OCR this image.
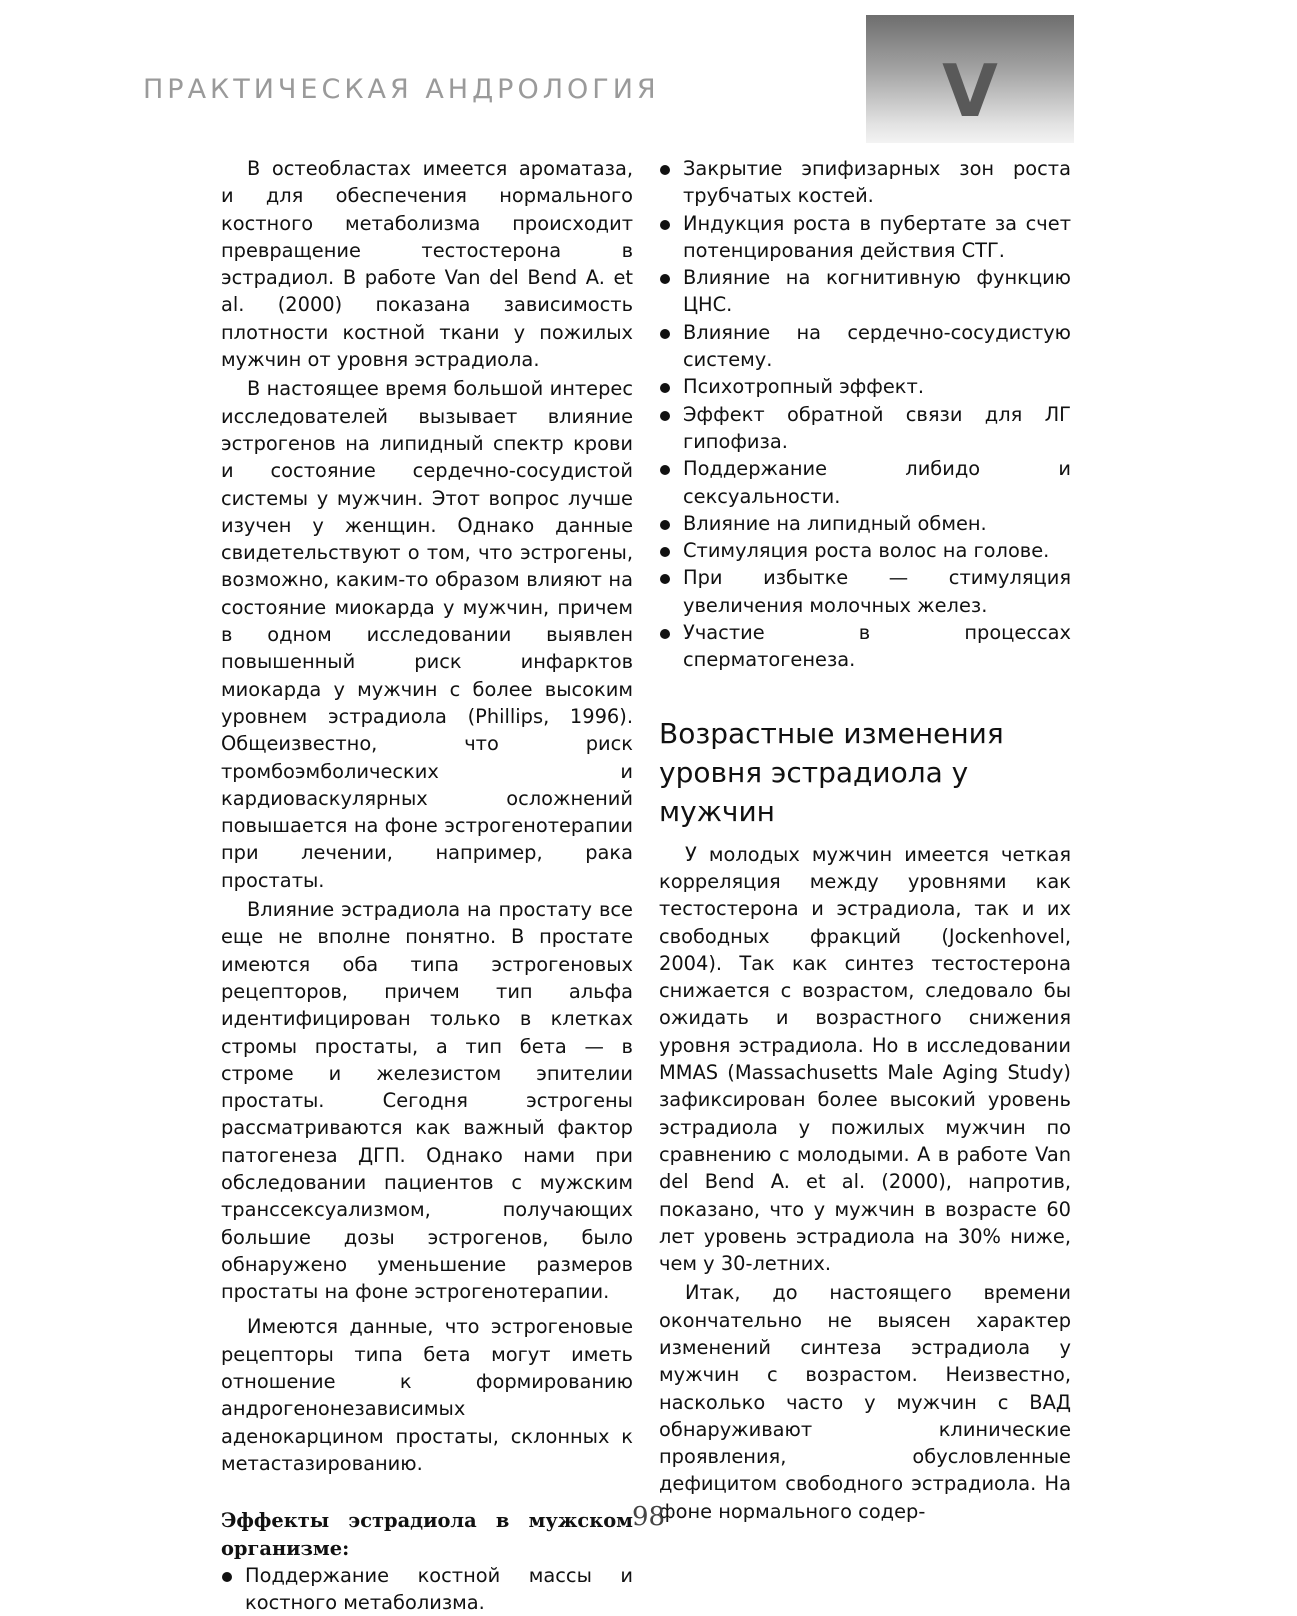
ПРАКТИЧЕСКАЯ АНДРОЛОГИЯ	V

В остеобластах имеется ароматаза, и для обеспечения нормального костного метаболизма происходит превращение тестостерона в эстрадиол. В работе Van del Bend A. et al. (2000) показана зависимость плотности костной ткани у пожилых мужчин от уровня эстрадиола.

В настоящее время большой интерес исследователей вызывает влияние эстрогенов на липидный спектр крови и состояние сердечно-сосудистой системы у мужчин. Этот вопрос лучше изучен у женщин. Однако данные свидетельствуют о том, что эстрогены, возможно, каким-то образом влияют на состояние миокарда у мужчин, причем в одном исследовании выявлен повышенный риск инфарктов миокарда у мужчин с более высоким уровнем эстрадиола (Phillips, 1996). Общеизвестно, что риск тромбоэмболических и кардиоваскулярных осложнений повышается на фоне эстрогенотерапии при лечении, например, рака простаты.

Влияние эстрадиола на простату все еще не вполне понятно. В простате имеются оба типа эстрогеновых рецепторов, причем тип альфа идентифицирован только в клетках стромы простаты, а тип бета — в строме и железистом эпителии простаты. Сегодня эстрогены рассматриваются как важный фактор патогенеза ДГП. Однако нами при обследовании пациентов с мужским транссексуализмом, получающих большие дозы эстрогенов, было обнаружено уменьшение размеров простаты на фоне эстрогенотерапии.

Имеются данные, что эстрогеновые рецепторы типа бета могут иметь отношение к формированию андрогенонезависимых аденокарцином простаты, склонных к метастазированию.

Эффекты эстрадиола в мужском организме:
Поддержание костной массы и костного метаболизма.
Закрытие эпифизарных зон роста трубчатых костей.
Индукция роста в пубертате за счет потенцирования действия СТГ.
Влияние на когнитивную функцию ЦНС.
Влияние на сердечно-сосудистую систему.
Психотропный эффект.
Эффект обратной связи для ЛГ гипофиза.
Поддержание либидо и сексуальности.
Влияние на липидный обмен.
Стимуляция роста волос на голове.
При избытке — стимуляция увеличения молочных желез.
Участие в процессах сперматогенеза.
Возрастные изменения уровня эстрадиола у мужчин

У молодых мужчин имеется четкая корреляция между уровнями как тестостерона и эстрадиола, так и их свободных фракций (Jockenhovel, 2004). Так как синтез тестостерона снижается с возрастом, следовало бы ожидать и возрастного снижения уровня эстрадиола. Но в исследовании MMAS (Massachusetts Male Aging Study) зафиксирован более высокий уровень эстрадиола у пожилых мужчин по сравнению с молодыми. А в работе Van del Bend A. et al. (2000), напротив, показано, что у мужчин в возрасте 60 лет уровень эстрадиола на 30% ниже, чем у 30-летних.

Итак, до настоящего времени окончательно не выясен характер изменений синтеза эстрадиола у мужчин с возрастом. Неизвестно, насколько часто у мужчин с ВАД обнаруживают клинические проявления, обусловленные дефицитом свободного эстрадиола. На фоне нормального содер-

98
